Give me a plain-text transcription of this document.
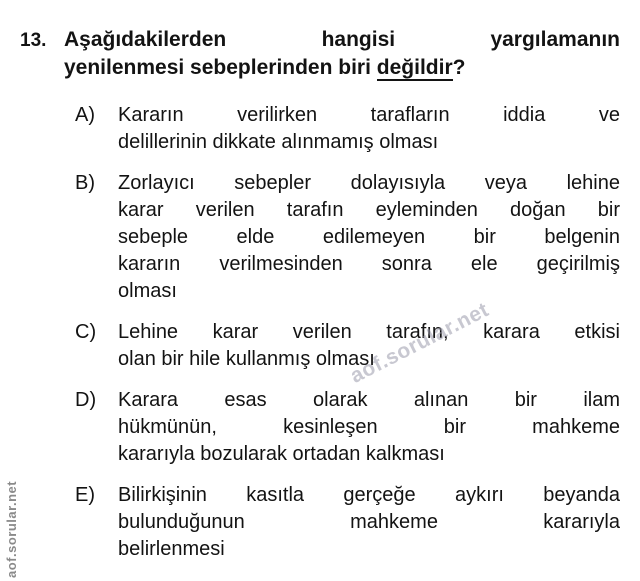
13. Aşağıdakilerden hangisi yargılamanın
yenilenmesi sebeplerinden biri değildir?
A)	Kararın verilirken tarafların iddia ve
delillerinin dikkate alınmamış olması
B)	Zorlayıcı sebepler dolayısıyla veya lehine
karar verilen tarafın eyleminden doğan bir
sebeple elde edilemeyen bir belgenin
kararın verilmesinden sonra ele geçirilmiş
olması
C)	Lehine karar verilen tarafın, karara etkisi
olan bir hile kullanmış olması
D)	Karara esas olarak alınan bir ilam
hükmünün, kesinleşen bir mahkeme
kararıyla bozularak ortadan kalkması
E)	Bilirkişinin kasıtla gerçeğe aykırı beyanda
bulunduğunun mahkeme kararıyla
belirlenmesi
aof.sorular.net
aof.sorular.net
